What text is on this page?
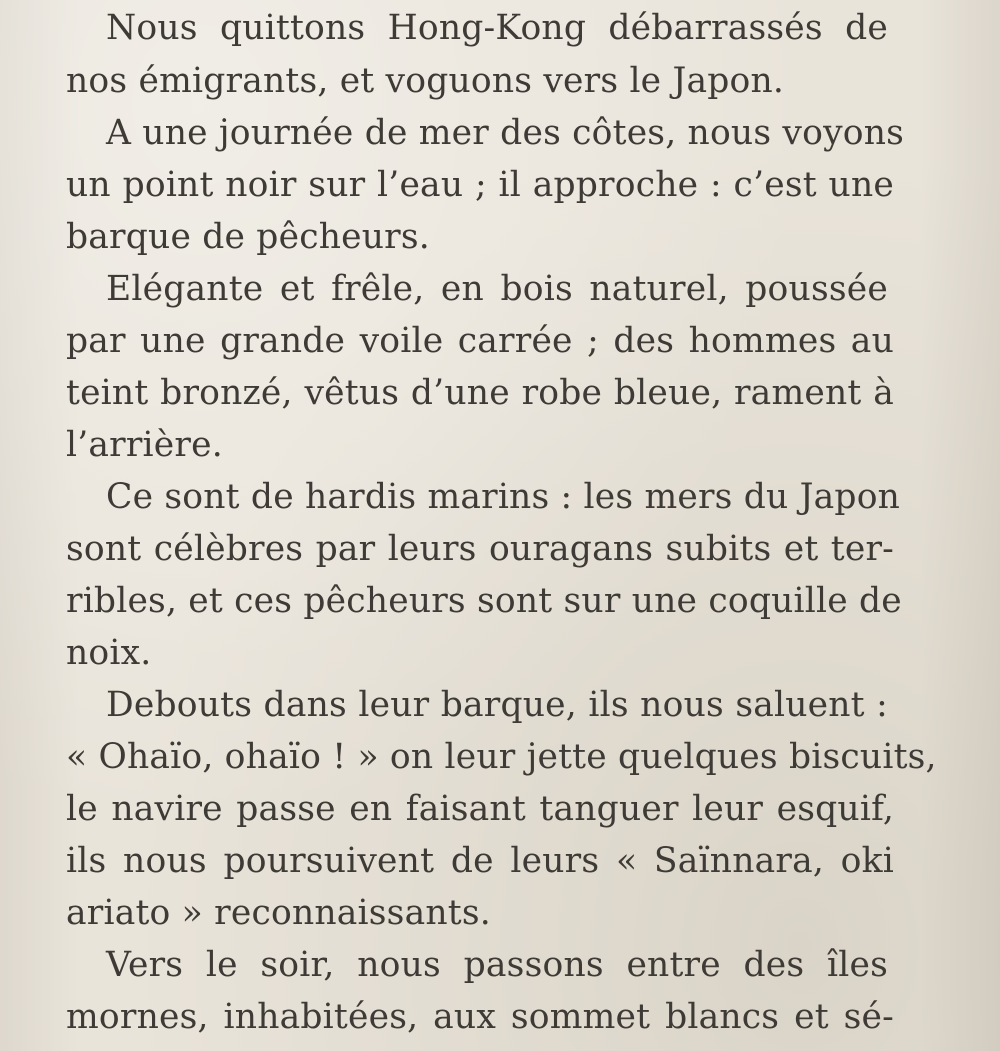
Nous quittons Hong-Kong débarrassés de
nos émigrants, et voguons vers le Japon.
A une journée de mer des côtes, nous voyons
un point noir sur l’eau ; il approche : c’est une
barque de pêcheurs.
Elégante et frêle, en bois naturel, poussée
par une grande voile carrée ; des hommes au
teint bronzé, vêtus d’une robe bleue, rament à
l’arrière.
Ce sont de hardis marins : les mers du Japon
sont célèbres par leurs ouragans subits et ter-
ribles, et ces pêcheurs sont sur une coquille de
noix.
Debouts dans leur barque, ils nous saluent :
« Ohaïo, ohaïo ! » on leur jette quelques biscuits,
le navire passe en faisant tanguer leur esquif,
ils nous poursuivent de leurs « Saïnnara, oki
ariato » reconnaissants.
Vers le soir, nous passons entre des îles
mornes, inhabitées, aux sommet blancs et sé-
